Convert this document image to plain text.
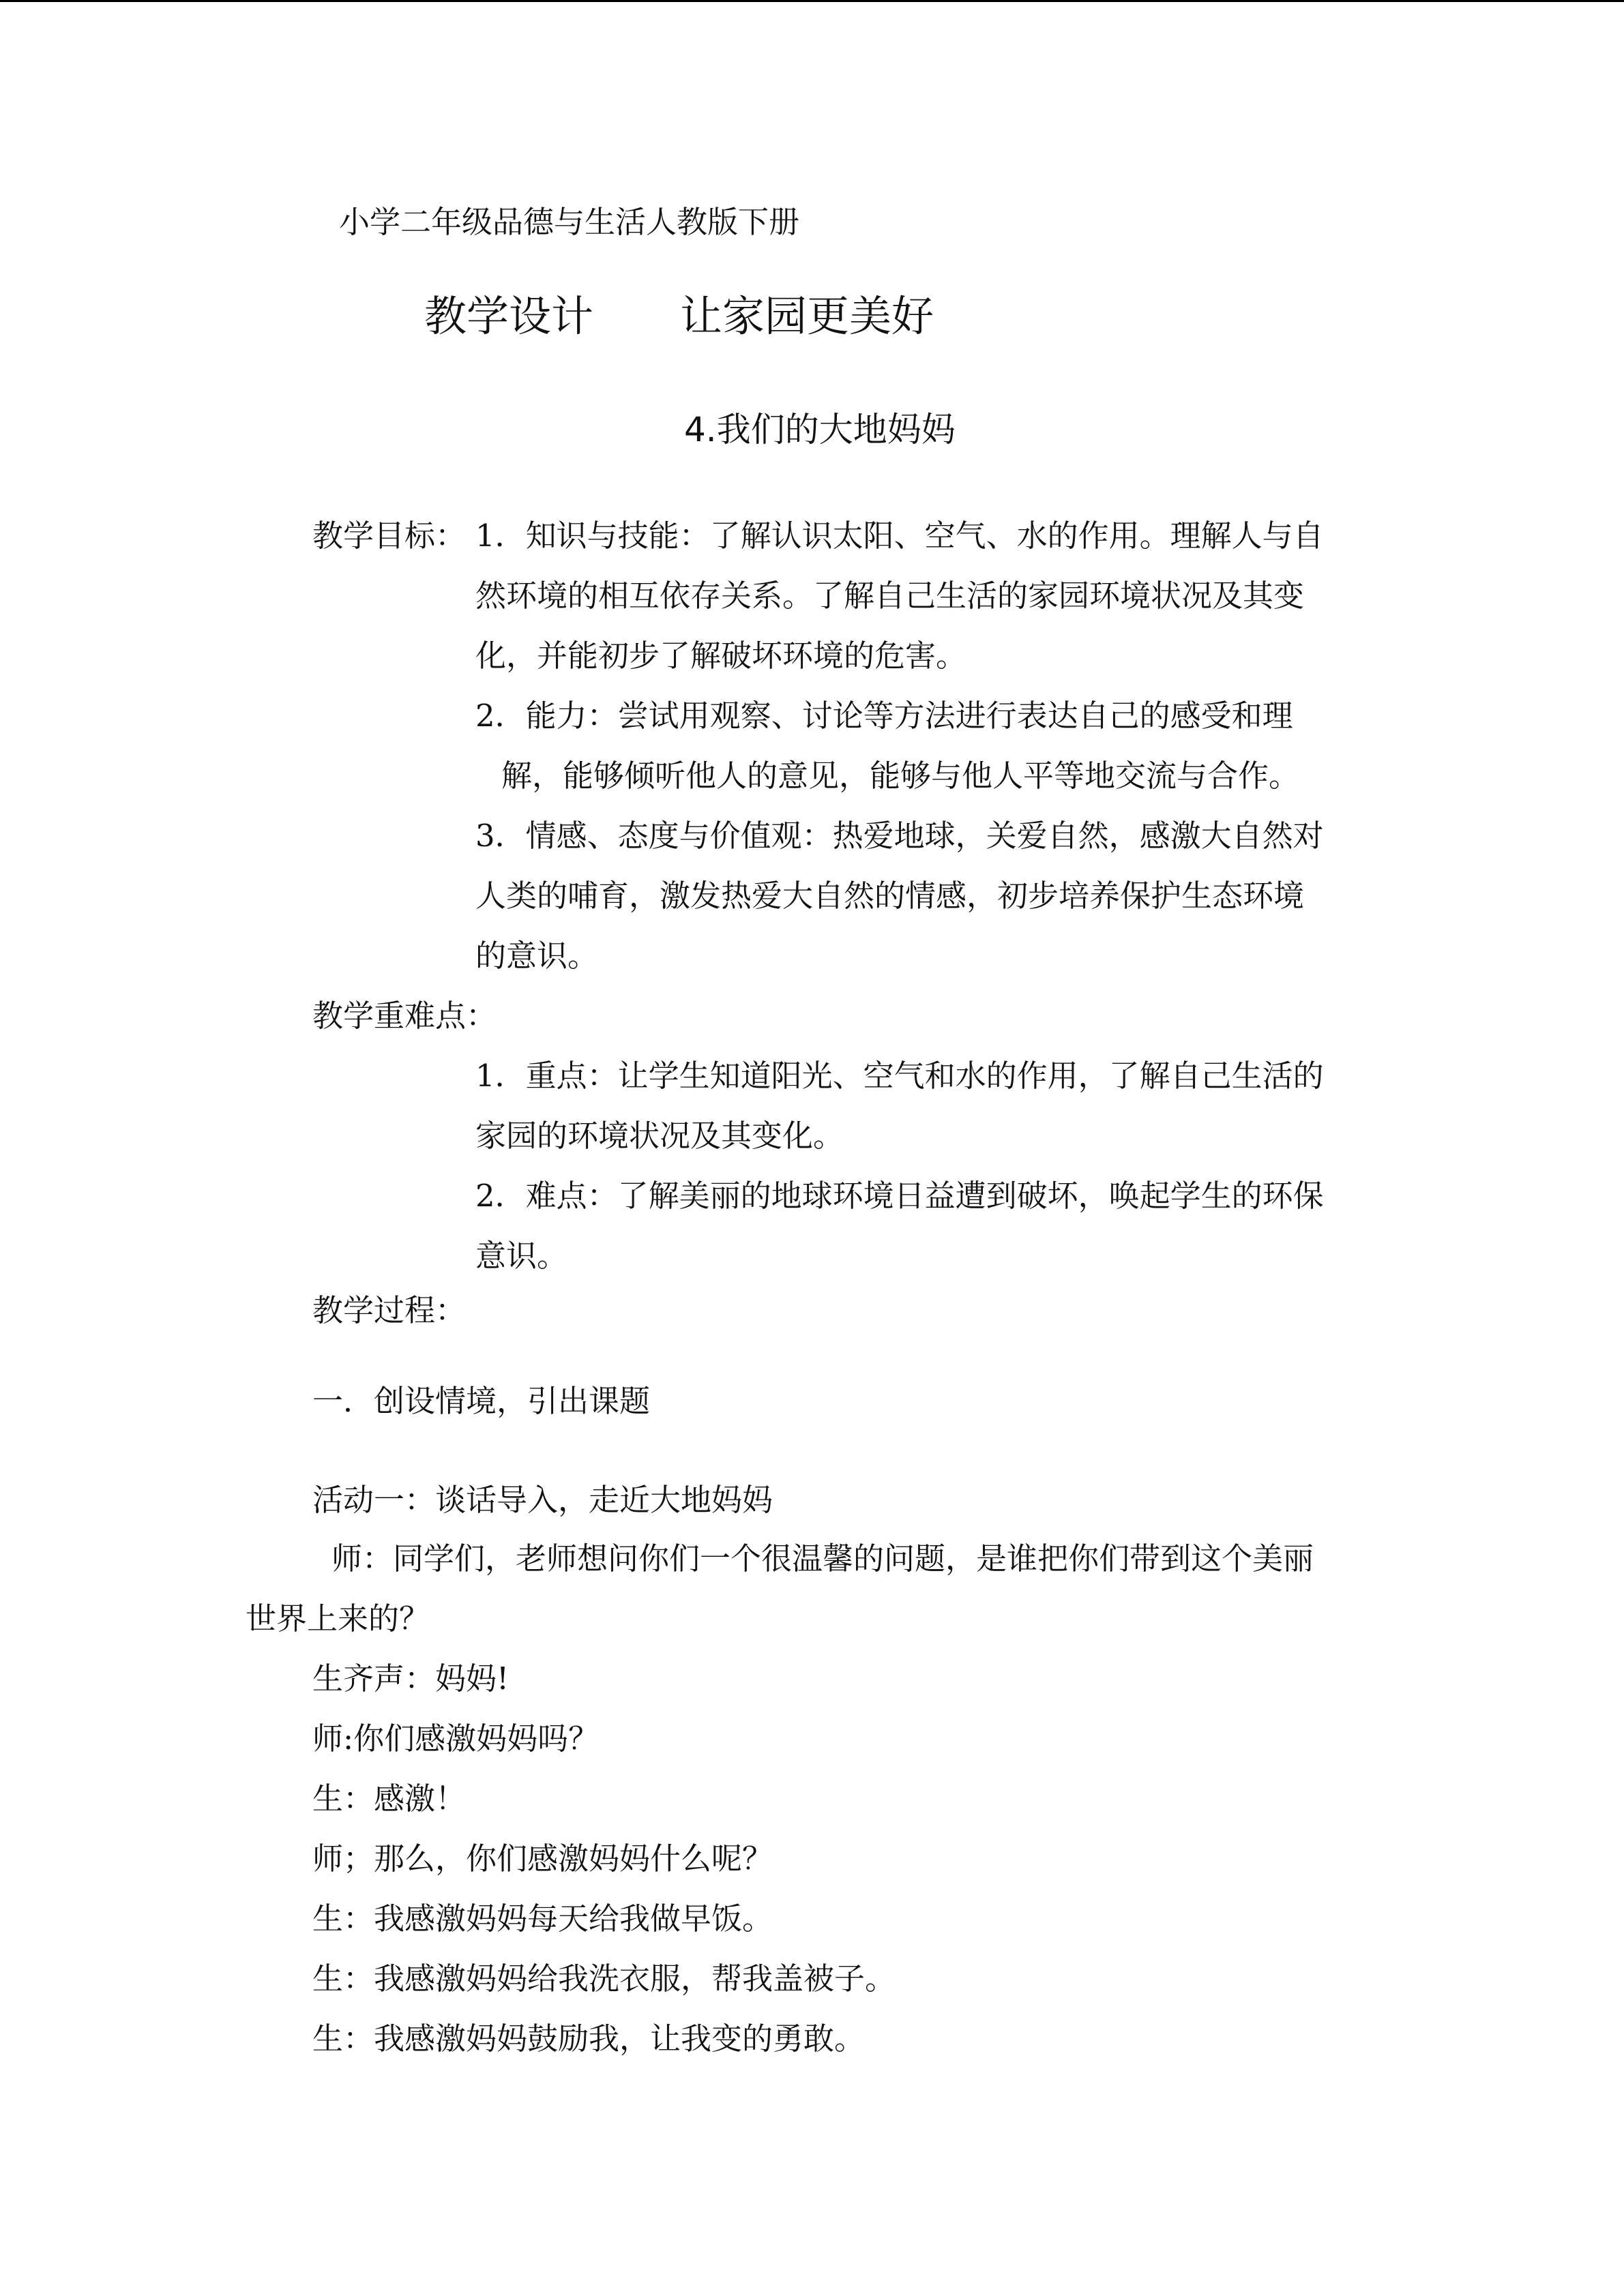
小学二年级品德与生活人教版下册
教学设计 让家园更美好
4.我们的大地妈妈
教学目标： 1．知识与技能：了解认识太阳、空气、水的作用。理解人与自
然环境的相互依存关系。了解自己生活的家园环境状况及其变
化，并能初步了解破坏环境的危害。
2．能力：尝试用观察、讨论等方法进行表达自己的感受和理
解，能够倾听他人的意见，能够与他人平等地交流与合作。
3．情感、态度与价值观：热爱地球，关爱自然，感激大自然对
人类的哺育，激发热爱大自然的情感，初步培养保护生态环境
的意识。
教学重难点：
1．重点：让学生知道阳光、空气和水的作用，了解自己生活的
家园的环境状况及其变化。
2．难点：了解美丽的地球环境日益遭到破坏，唤起学生的环保
意识。
教学过程：
一．创设情境，引出课题
活动一：谈话导入，走近大地妈妈
师：同学们，老师想问你们一个很温馨的问题，是谁把你们带到这个美丽
世界上来的？
生齐声：妈妈!
师:你们感激妈妈吗？
生：感激！
师；那么，你们感激妈妈什么呢？
生：我感激妈妈每天给我做早饭。
生：我感激妈妈给我洗衣服，帮我盖被子。
生：我感激妈妈鼓励我，让我变的勇敢。
